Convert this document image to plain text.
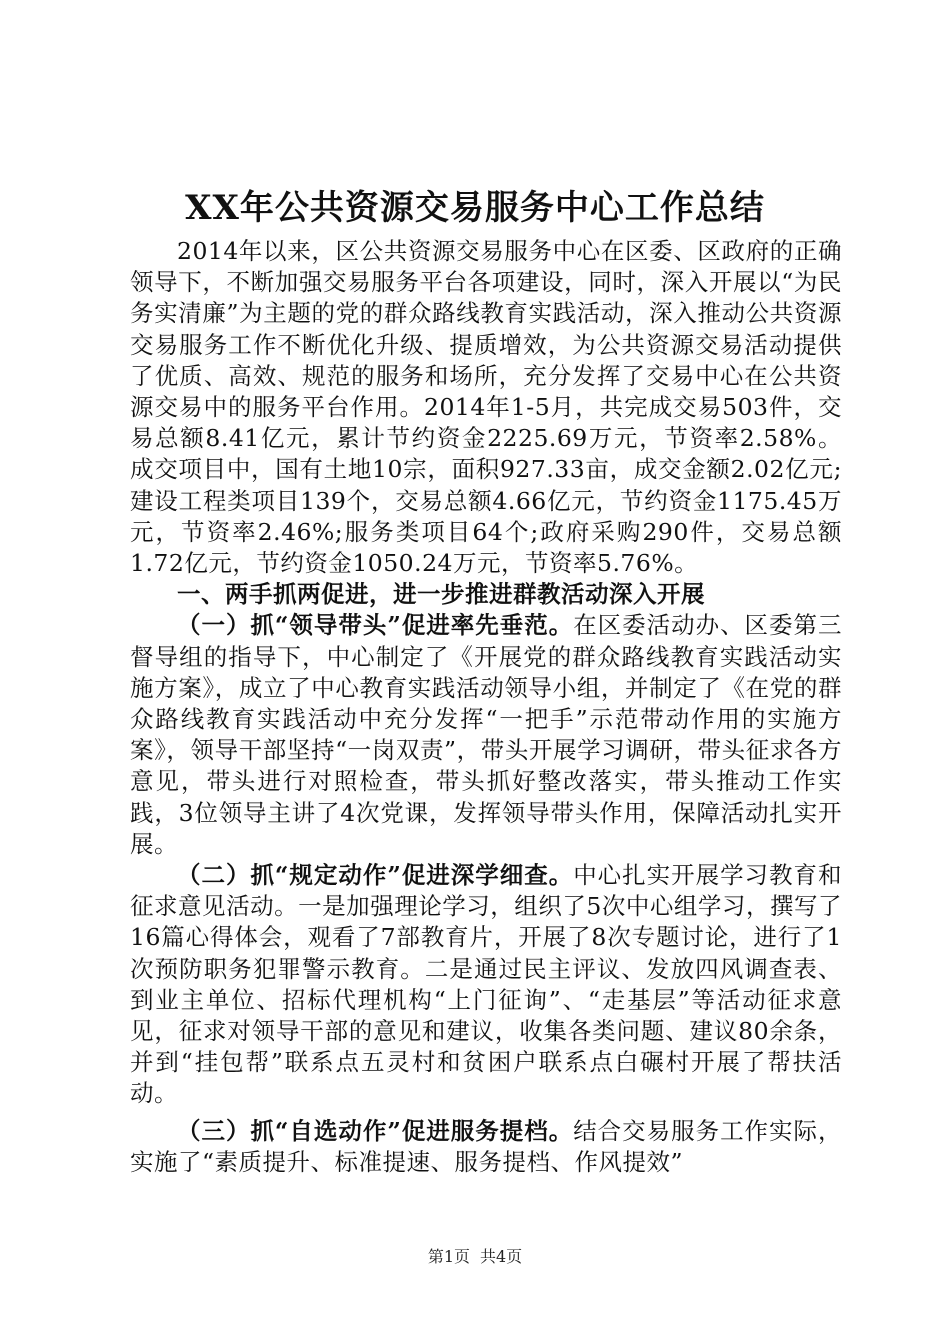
XX年公共资源交易服务中心工作总结

2014年以来，区公共资源交易服务中心在区委、区政府的正确领导下，不断加强交易服务平台各项建设，同时，深入开展以“为民务实清廉”为主题的党的群众路线教育实践活动，深入推动公共资源交易服务工作不断优化升级、提质增效，为公共资源交易活动提供了优质、高效、规范的服务和场所，充分发挥了交易中心在公共资源交易中的服务平台作用。2014年1-5月，共完成交易503件，交易总额8.41亿元，累计节约资金2225.69万元，节资率2.58%。成交项目中，国有土地10宗，面积927.33亩，成交金额2.02亿元;建设工程类项目139个，交易总额4.66亿元，节约资金1175.45万元，节资率2.46%;服务类项目64个;政府采购290件，交易总额1.72亿元，节约资金1050.24万元，节资率5.76%。

一、两手抓两促进，进一步推进群教活动深入开展

（一）抓“领导带头”促进率先垂范。在区委活动办、区委第三督导组的指导下，中心制定了《开展党的群众路线教育实践活动实施方案》，成立了中心教育实践活动领导小组，并制定了《在党的群众路线教育实践活动中充分发挥“一把手”示范带动作用的实施方案》，领导干部坚持“一岗双责”，带头开展学习调研，带头征求各方意见，带头进行对照检查，带头抓好整改落实，带头推动工作实践，3位领导主讲了4次党课，发挥领导带头作用，保障活动扎实开展。

（二）抓“规定动作”促进深学细查。中心扎实开展学习教育和征求意见活动。一是加强理论学习，组织了5次中心组学习，撰写了16篇心得体会，观看了7部教育片，开展了8次专题讨论，进行了1次预防职务犯罪警示教育。二是通过民主评议、发放四风调查表、到业主单位、招标代理机构“上门征询”、“走基层”等活动征求意见，征求对领导干部的意见和建议，收集各类问题、建议80余条，并到“挂包帮”联系点五灵村和贫困户联系点白碾村开展了帮扶活动。

（三）抓“自选动作”促进服务提档。结合交易服务工作实际，实施了“素质提升、标准提速、服务提档、作风提效”

第1页 共4页
